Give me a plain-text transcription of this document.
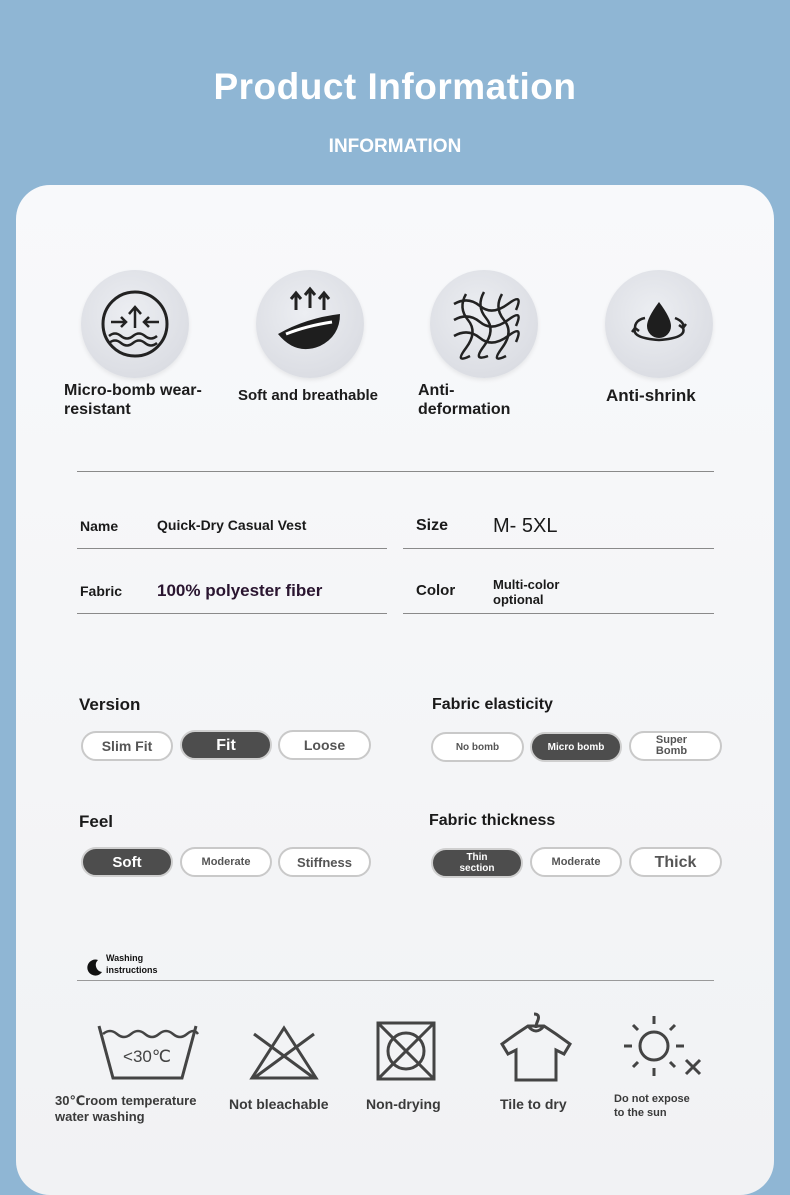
Product Information
INFORMATION
Micro-bomb wear-resistant
Soft and breathable	Anti-deformation
Anti-shrink
Name	Quick-Dry Casual Vest	Size M- 5XL
Fabric 100% polyester fiber	Color	Multi-color
optional
Version
Slim Fit	Fit	Loose
Fabric elasticity
No bomb	Micro bomb
Super Bomb
Feel
Soft	Moderate	Stiffness
Fabric thickness
Thin section
Moderate	Thick
Washing
instructions
<30℃
30℃room temperature
water washing
Not bleachable	Non-drying	Tile to dry	Do not expose
to the sun
